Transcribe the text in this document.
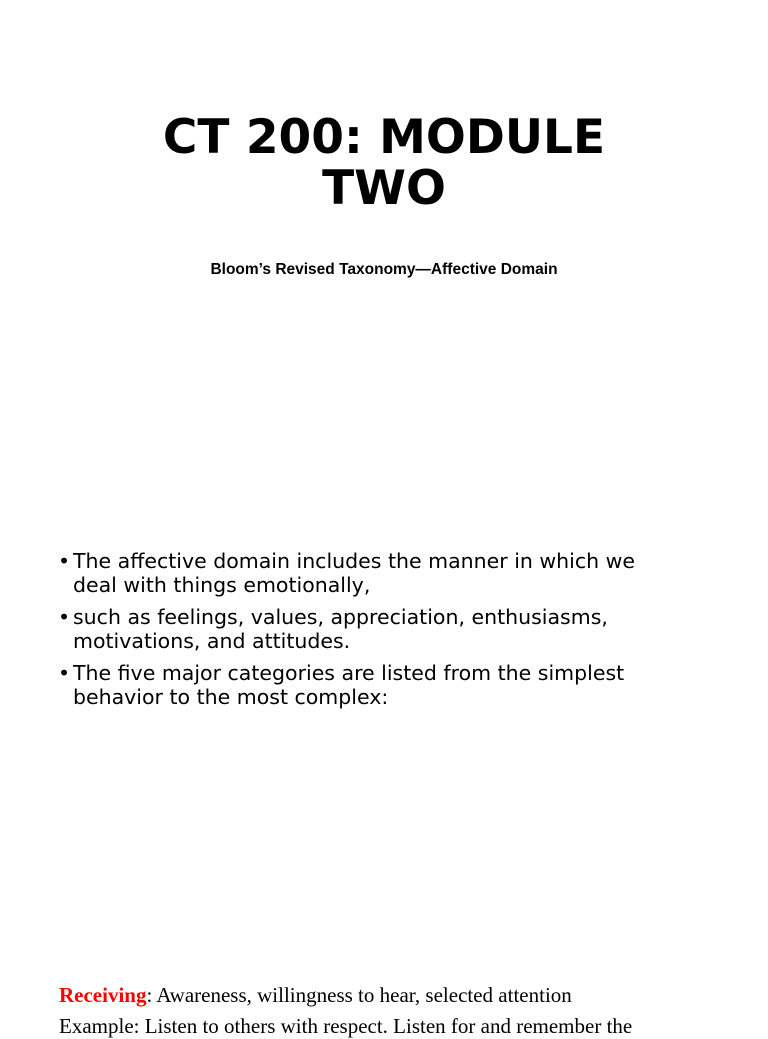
CT 200: MODULE
TWO

Bloom’s Revised Taxonomy—Affective Domain

• The affective domain includes the manner in which we
deal with things emotionally,
• such as feelings, values, appreciation, enthusiasms,
motivations, and attitudes.
• The five major categories are listed from the simplest
behavior to the most complex:

Receiving: Awareness, willingness to hear, selected attention

Example: Listen to others with respect. Listen for and remember the
